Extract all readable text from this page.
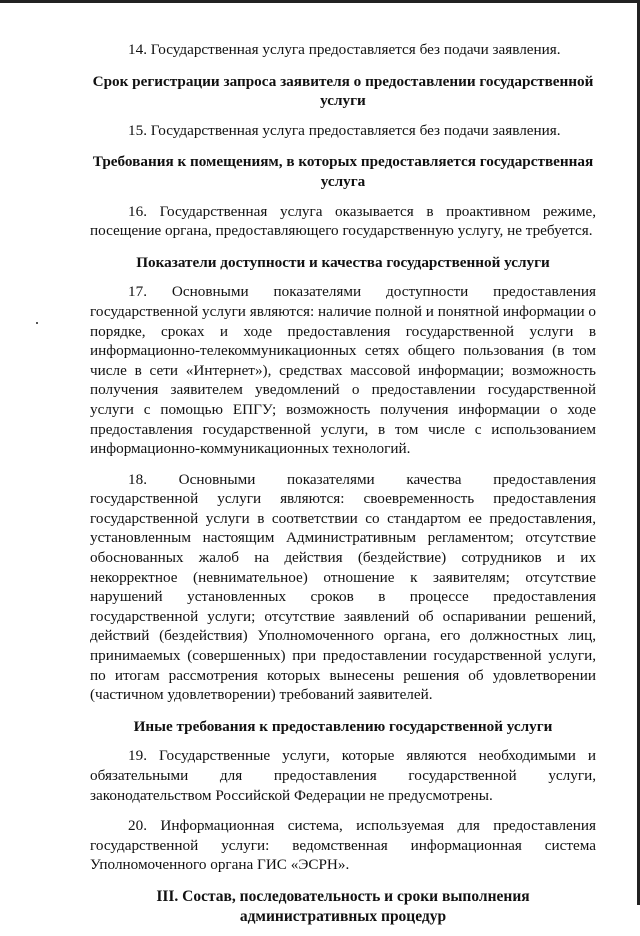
14. Государственная услуга предоставляется без подачи заявления.

Срок регистрации запроса заявителя о предоставлении государственной услуги

15. Государственная услуга предоставляется без подачи заявления.

Требования к помещениям, в которых предоставляется государственная услуга

16. Государственная услуга оказывается в проактивном режиме, посещение органа, предоставляющего государственную услугу, не требуется.

Показатели доступности и качества государственной услуги

17. Основными показателями доступности предоставления государственной услуги являются: наличие полной и понятной информации о порядке, сроках и ходе предоставления государственной услуги в информационно-телекоммуникационных сетях общего пользования (в том числе в сети «Интернет»), средствах массовой информации; возможность получения заявителем уведомлений о предоставлении государственной услуги с помощью ЕПГУ; возможность получения информации о ходе предоставления государственной услуги, в том числе с использованием информационно-коммуникационных технологий.

18. Основными показателями качества предоставления государственной услуги являются: своевременность предоставления государственной услуги в соответствии со стандартом ее предоставления, установленным настоящим Административным регламентом; отсутствие обоснованных жалоб на действия (бездействие) сотрудников и их некорректное (невнимательное) отношение к заявителям; отсутствие нарушений установленных сроков в процессе предоставления государственной услуги; отсутствие заявлений об оспаривании решений, действий (бездействия) Уполномоченного органа, его должностных лиц, принимаемых (совершенных) при предоставлении государственной услуги, по итогам рассмотрения которых вынесены решения об удовлетворении (частичном удовлетворении) требований заявителей.

Иные требования к предоставлению государственной услуги

19. Государственные услуги, которые являются необходимыми и обязательными для предоставления государственной услуги, законодательством Российской Федерации не предусмотрены.

20. Информационная система, используемая для предоставления государственной услуги: ведомственная информационная система Уполномоченного органа ГИС «ЭСРН».

III. Состав, последовательность и сроки выполнения административных процедур
